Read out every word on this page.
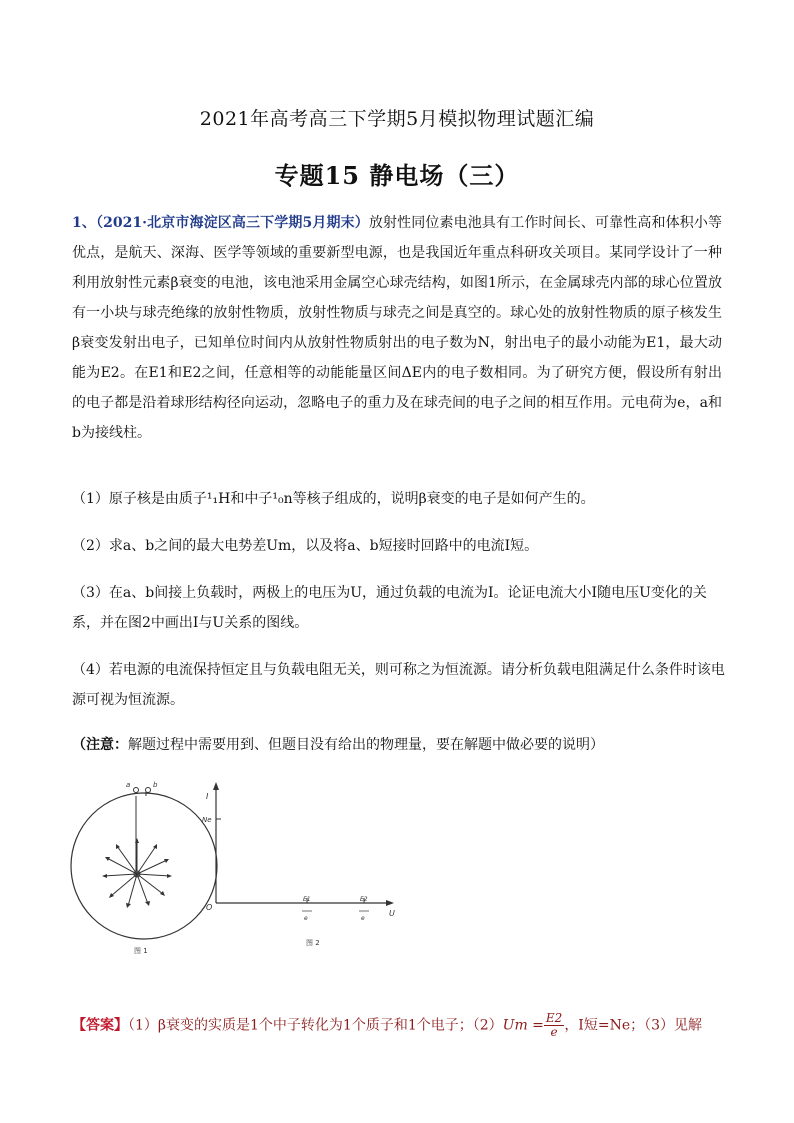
2021年高考高三下学期5月模拟物理试题汇编
专题15 静电场（三）
1、（2021·北京市海淀区高三下学期5月期末）放射性同位素电池具有工作时间长、可靠性高和体积小等优点，是航天、深海、医学等领域的重要新型电源，也是我国近年重点科研攻关项目。某同学设计了一种利用放射性元素β衰变的电池，该电池采用金属空心球壳结构，如图1所示，在金属球壳内部的球心位置放有一小块与球壳绝缘的放射性物质，放射性物质与球壳之间是真空的。球心处的放射性物质的原子核发生β衰变发射出电子，已知单位时间内从放射性物质射出的电子数为N，射出电子的最小动能为E1，最大动能为E2。在E1和E2之间，任意相等的动能能量区间ΔE内的电子数相同。为了研究方便，假设所有射出的电子都是沿着球形结构径向运动，忽略电子的重力及在球壳间的电子之间的相互作用。元电荷为e，a和b为接线柱。
（1）原子核是由质子¹₁H和中子¹₀n等核子组成的，说明β衰变的电子是如何产生的。
（2）求a、b之间的最大电势差Um，以及将a、b短接时回路中的电流I短。
（3）在a、b间接上负载时，两极上的电压为U，通过负载的电流为I。论证电流大小I随电压U变化的关系，并在图2中画出I与U关系的图线。
（4）若电源的电流保持恒定且与负载电阻无关，则可称之为恒流源。请分析负载电阻满足什么条件时该电源可视为恒流源。
（注意：解题过程中需要用到、但题目没有给出的物理量，要在解题中做必要的说明）
a	b
图 1
I
U
O
Ne
E1
e
E2
e
图 2
【答案】（1）β衰变的实质是1个中子转化为1个质子和1个电子；$(2)Um = \frac{E2}{e}$ ，I短=Ne；（3）见解
